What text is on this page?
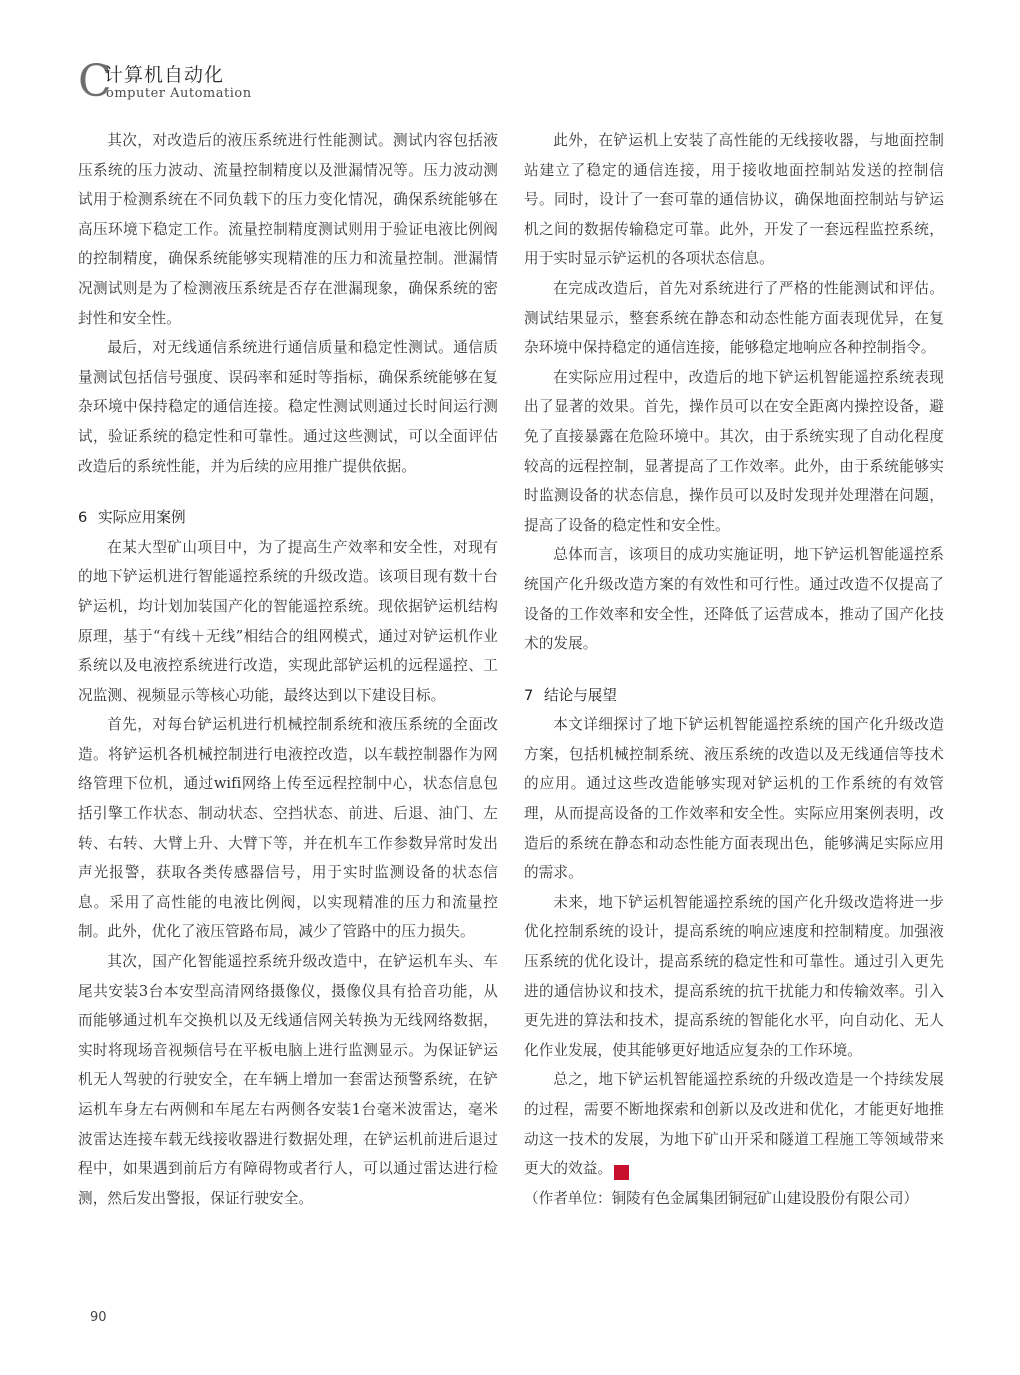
C
计算机自动化
omputer Automation

其次，对改造后的液压系统进行性能测试。测试内容包括液压系统的压力波动、流量控制精度以及泄漏情况等。压力波动测试用于检测系统在不同负载下的压力变化情况，确保系统能够在高压环境下稳定工作。流量控制精度测试则用于验证电液比例阀的控制精度，确保系统能够实现精准的压力和流量控制。泄漏情况测试则是为了检测液压系统是否存在泄漏现象，确保系统的密封性和安全性。

最后，对无线通信系统进行通信质量和稳定性测试。通信质量测试包括信号强度、误码率和延时等指标，确保系统能够在复杂环境中保持稳定的通信连接。稳定性测试则通过长时间运行测试，验证系统的稳定性和可靠性。通过这些测试，可以全面评估改造后的系统性能，并为后续的应用推广提供依据。

6 实际应用案例

在某大型矿山项目中，为了提高生产效率和安全性，对现有的地下铲运机进行智能遥控系统的升级改造。该项目现有数十台铲运机，均计划加装国产化的智能遥控系统。现依据铲运机结构原理，基于“有线＋无线”相结合的组网模式，通过对铲运机作业系统以及电液控系统进行改造，实现此部铲运机的远程遥控、工况监测、视频显示等核心功能，最终达到以下建设目标。

首先，对每台铲运机进行机械控制系统和液压系统的全面改造。将铲运机各机械控制进行电液控改造，以车载控制器作为网络管理下位机，通过wifi网络上传至远程控制中心，状态信息包括引擎工作状态、制动状态、空挡状态、前进、后退、油门、左转、右转、大臂上升、大臂下等，并在机车工作参数异常时发出声光报警，获取各类传感器信号，用于实时监测设备的状态信息。采用了高性能的电液比例阀，以实现精准的压力和流量控制。此外，优化了液压管路布局，减少了管路中的压力损失。

其次，国产化智能遥控系统升级改造中，在铲运机车头、车尾共安装3台本安型高清网络摄像仪，摄像仪具有拾音功能，从而能够通过机车交换机以及无线通信网关转换为无线网络数据，实时将现场音视频信号在平板电脑上进行监测显示。为保证铲运机无人驾驶的行驶安全，在车辆上增加一套雷达预警系统，在铲运机车身左右两侧和车尾左右两侧各安装1台毫米波雷达，毫米波雷达连接车载无线接收器进行数据处理，在铲运机前进后退过程中，如果遇到前后方有障碍物或者行人，可以通过雷达进行检测，然后发出警报，保证行驶安全。

此外，在铲运机上安装了高性能的无线接收器，与地面控制站建立了稳定的通信连接，用于接收地面控制站发送的控制信号。同时，设计了一套可靠的通信协议，确保地面控制站与铲运机之间的数据传输稳定可靠。此外，开发了一套远程监控系统，用于实时显示铲运机的各项状态信息。

在完成改造后，首先对系统进行了严格的性能测试和评估。测试结果显示，整套系统在静态和动态性能方面表现优异，在复杂环境中保持稳定的通信连接，能够稳定地响应各种控制指令。

在实际应用过程中，改造后的地下铲运机智能遥控系统表现出了显著的效果。首先，操作员可以在安全距离内操控设备，避免了直接暴露在危险环境中。其次，由于系统实现了自动化程度较高的远程控制，显著提高了工作效率。此外，由于系统能够实时监测设备的状态信息，操作员可以及时发现并处理潜在问题，提高了设备的稳定性和安全性。

总体而言，该项目的成功实施证明，地下铲运机智能遥控系统国产化升级改造方案的有效性和可行性。通过改造不仅提高了设备的工作效率和安全性，还降低了运营成本，推动了国产化技术的发展。

7 结论与展望

本文详细探讨了地下铲运机智能遥控系统的国产化升级改造方案，包括机械控制系统、液压系统的改造以及无线通信等技术的应用。通过这些改造能够实现对铲运机的工作系统的有效管理，从而提高设备的工作效率和安全性。实际应用案例表明，改造后的系统在静态和动态性能方面表现出色，能够满足实际应用的需求。

未来，地下铲运机智能遥控系统的国产化升级改造将进一步优化控制系统的设计，提高系统的响应速度和控制精度。加强液压系统的优化设计，提高系统的稳定性和可靠性。通过引入更先进的通信协议和技术，提高系统的抗干扰能力和传输效率。引入更先进的算法和技术，提高系统的智能化水平，向自动化、无人化作业发展，使其能够更好地适应复杂的工作环境。

总之，地下铲运机智能遥控系统的升级改造是一个持续发展的过程，需要不断地探索和创新以及改进和优化，才能更好地推动这一技术的发展，为地下矿山开采和隧道工程施工等领域带来更大的效益。	通

（作者单位：铜陵有色金属集团铜冠矿山建设股份有限公司）

90
